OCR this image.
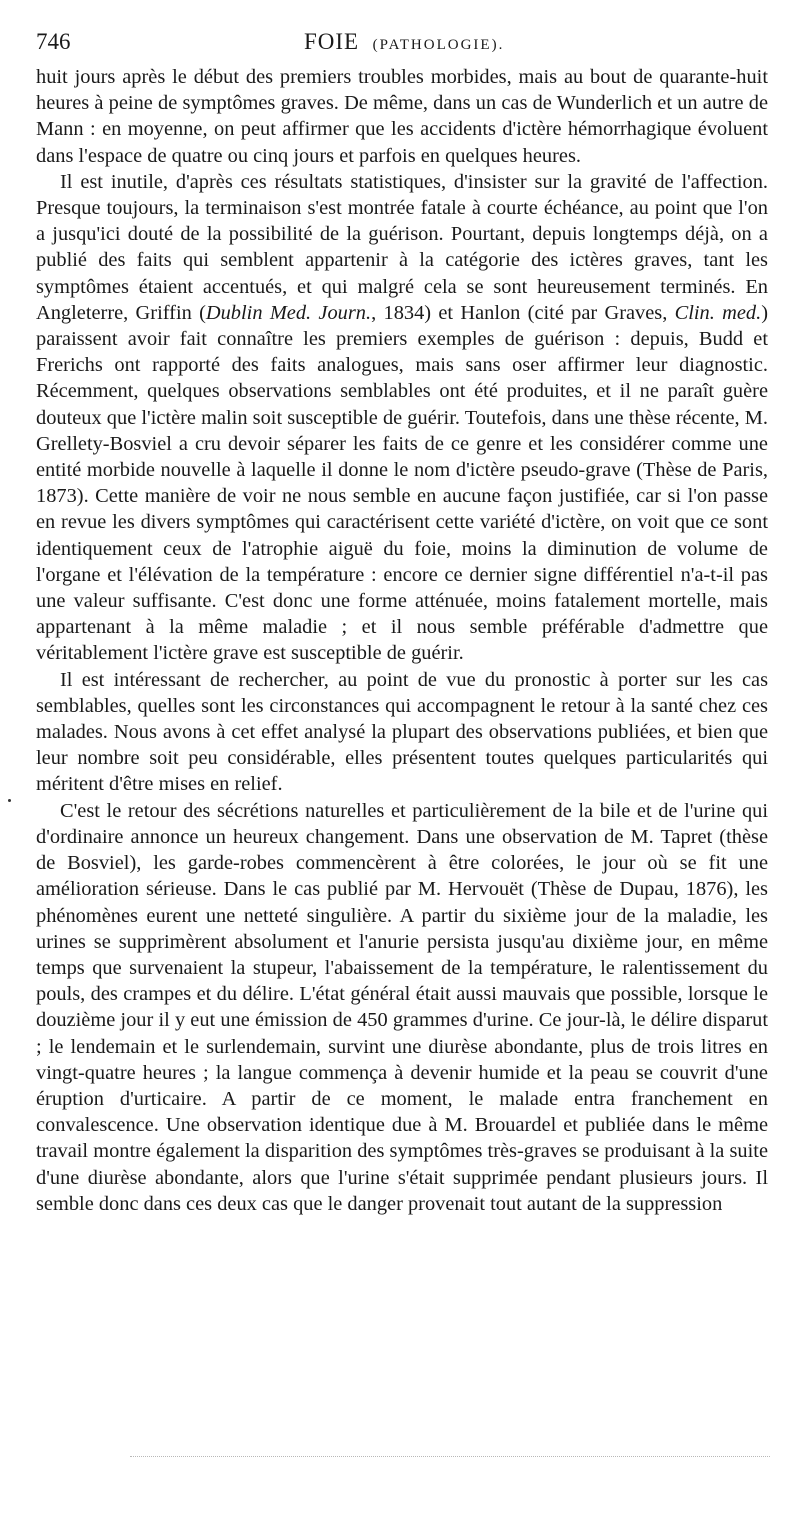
746	FOIE (PATHOLOGIE).

huit jours après le début des premiers troubles morbides, mais au bout de quarante-huit heures à peine de symptômes graves. De même, dans un cas de Wunderlich et un autre de Mann : en moyenne, on peut affirmer que les accidents d'ictère hémorrhagique évoluent dans l'espace de quatre ou cinq jours et parfois en quelques heures.

Il est inutile, d'après ces résultats statistiques, d'insister sur la gravité de l'affection. Presque toujours, la terminaison s'est montrée fatale à courte échéance, au point que l'on a jusqu'ici douté de la possibilité de la guérison. Pourtant, depuis longtemps déjà, on a publié des faits qui semblent appartenir à la catégorie des ictères graves, tant les symptômes étaient accentués, et qui malgré cela se sont heureusement terminés. En Angleterre, Griffin (Dublin Med. Journ., 1834) et Hanlon (cité par Graves, Clin. med.) paraissent avoir fait connaître les premiers exemples de guérison : depuis, Budd et Frerichs ont rapporté des faits analogues, mais sans oser affirmer leur diagnostic. Récemment, quelques observations semblables ont été produites, et il ne paraît guère douteux que l'ictère malin soit susceptible de guérir. Toutefois, dans une thèse récente, M. Grellety-Bosviel a cru devoir séparer les faits de ce genre et les considérer comme une entité morbide nouvelle à laquelle il donne le nom d'ictère pseudo-grave (Thèse de Paris, 1873). Cette manière de voir ne nous semble en aucune façon justifiée, car si l'on passe en revue les divers symptômes qui caractérisent cette variété d'ictère, on voit que ce sont identiquement ceux de l'atrophie aiguë du foie, moins la diminution de volume de l'organe et l'élévation de la température : encore ce dernier signe différentiel n'a-t-il pas une valeur suffisante. C'est donc une forme atténuée, moins fatalement mortelle, mais appartenant à la même maladie ; et il nous semble préférable d'admettre que véritablement l'ictère grave est susceptible de guérir.

Il est intéressant de rechercher, au point de vue du pronostic à porter sur les cas semblables, quelles sont les circonstances qui accompagnent le retour à la santé chez ces malades. Nous avons à cet effet analysé la plupart des observations publiées, et bien que leur nombre soit peu considérable, elles présentent toutes quelques particularités qui méritent d'être mises en relief.

C'est le retour des sécrétions naturelles et particulièrement de la bile et de l'urine qui d'ordinaire annonce un heureux changement. Dans une observation de M. Tapret (thèse de Bosviel), les garde-robes commencèrent à être colorées, le jour où se fit une amélioration sérieuse. Dans le cas publié par M. Hervouët (Thèse de Dupau, 1876), les phénomènes eurent une netteté singulière. A partir du sixième jour de la maladie, les urines se supprimèrent absolument et l'anurie persista jusqu'au dixième jour, en même temps que survenaient la stupeur, l'abaissement de la température, le ralentissement du pouls, des crampes et du délire. L'état général était aussi mauvais que possible, lorsque le douzième jour il y eut une émission de 450 grammes d'urine. Ce jour-là, le délire disparut ; le lendemain et le surlendemain, survint une diurèse abondante, plus de trois litres en vingt-quatre heures ; la langue commença à devenir humide et la peau se couvrit d'une éruption d'urticaire. A partir de ce moment, le malade entra franchement en convalescence. Une observation identique due à M. Brouardel et publiée dans le même travail montre également la disparition des symptômes très-graves se produisant à la suite d'une diurèse abondante, alors que l'urine s'était supprimée pendant plusieurs jours. Il semble donc dans ces deux cas que le danger provenait tout autant de la suppression
